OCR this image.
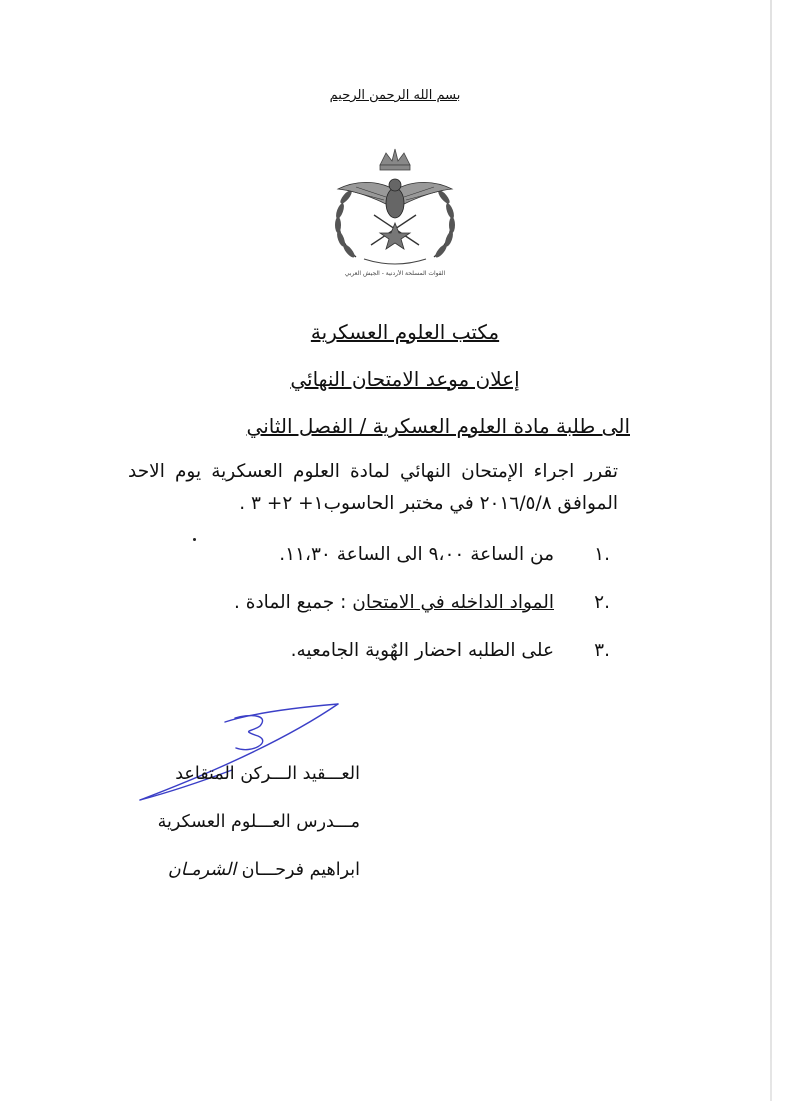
بسم الله الرحمن الرحيم
القوات المسلحة الأردنية - الجيش العربي
مكتب العلوم العسكرية
إعلان موعد الامتحان النهائي
الى طلبة مادة العلوم العسكرية / الفصل الثاني
تقرر اجراء الإمتحان النهائي لمادة العلوم العسكرية يوم الاحد الموافق ٢٠١٦/٥/٨ في مختبر الحاسوب١+ ٢+ ٣ .
.١
من الساعة ٩،٠٠ الى الساعة ١١،٣٠.
.٢
المواد الداخله في الامتحان : جميع المادة .
.٣
على الطلبه احضار الهٌوية الجامعيه.
العـــقيد الـــركن المتقاعد
مـــدرس العـــلوم العسكرية
ابراهيم فرحـــان الشرمـان
